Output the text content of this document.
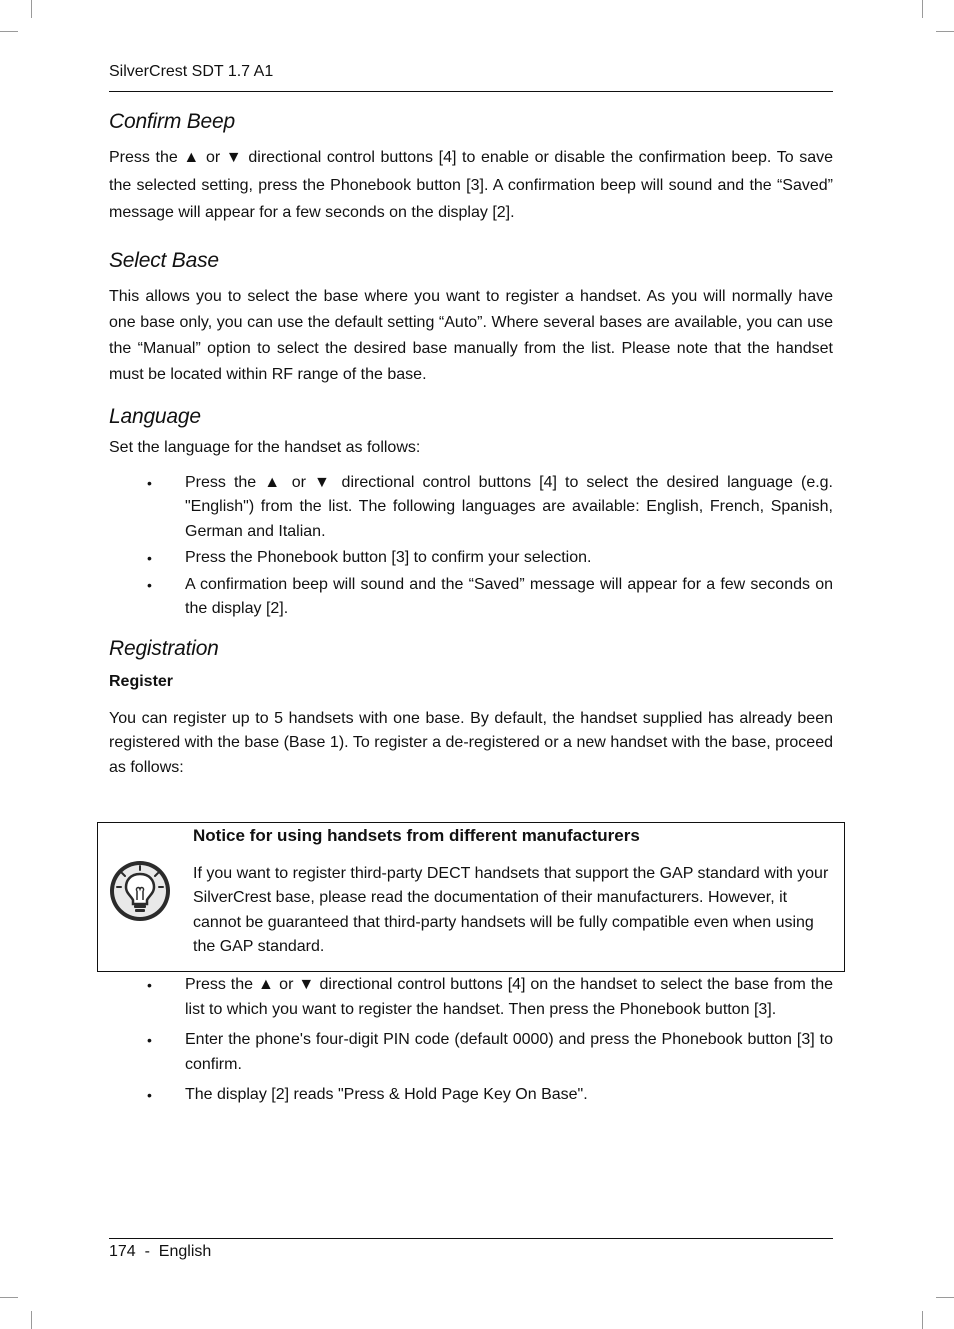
SilverCrest SDT 1.7 A1
Confirm Beep

Press the ▲ or ▼ directional control buttons [4] to enable or disable the confirmation beep. To save the selected setting, press the Phonebook button [3]. A confirmation beep will sound and the “Saved” message will appear for a few seconds on the display [2].

Select Base

This allows you to select the base where you want to register a handset. As you will normally have one base only, you can use the default setting “Auto”. Where several bases are available, you can use the “Manual” option to select the desired base manually from the list. Please note that the handset must be located within RF range of the base.

Language

Set the language for the handset as follows:

• Press the ▲ or ▼ directional control buttons [4] to select the desired language (e.g. "English") from the list. The following languages are available: English, French, Spanish, German and Italian.
• Press the Phonebook button [3] to confirm your selection.
• A confirmation beep will sound and the “Saved” message will appear for a few seconds on the display [2].
Registration

Register

You can register up to 5 handsets with one base. By default, the handset supplied has already been registered with the base (Base 1). To register a de-registered or a new handset with the base, proceed as follows:

Notice for using handsets from different manufacturers
If you want to register third-party DECT handsets that support the GAP standard with your SilverCrest base, please read the documentation of their manufacturers. However, it cannot be guaranteed that third-party handsets will be fully compatible even when using the GAP standard.
• Press the ▲ or ▼ directional control buttons [4] on the handset to select the base from the list to which you want to register the handset. Then press the Phonebook button [3].
• Enter the phone's four-digit PIN code (default 0000) and press the Phonebook button [3] to confirm.
• The display [2] reads "Press & Hold Page Key On Base".
174  -  English
